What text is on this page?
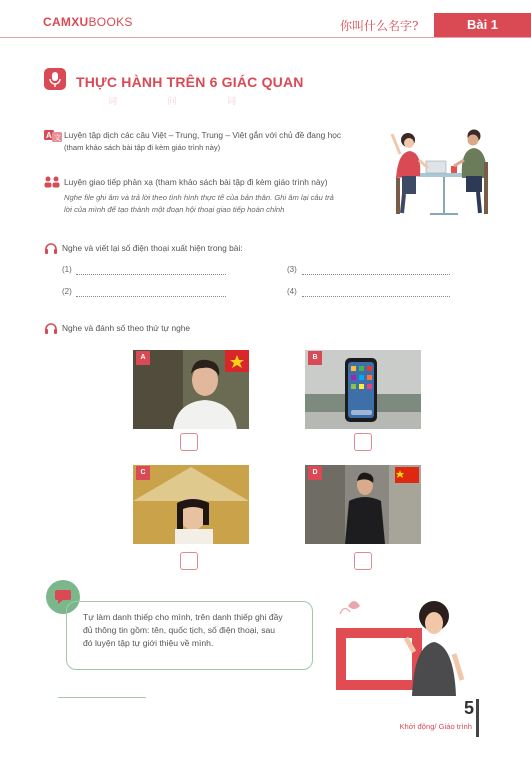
CAMXUBOOKS	你叫什么名字?	Bài 1
THỰC HÀNH TRÊN 6 GIÁC QUAN
词 问 词
A 文 Luyện tập dịch các câu Việt – Trung, Trung – Việt gắn với chủ đề đang học
(tham khảo sách bài tập đi kèm giáo trình này)
Luyện giao tiếp phản xạ (tham khảo sách bài tập đi kèm giáo trình này)
Nghe file ghi âm và trả lời theo tình hình thực tế của bản thân. Ghi âm lại câu trả
lời của mình để tạo thành một đoạn hội thoại giao tiếp hoàn chỉnh
Nghe và viết lại số điện thoại xuất hiện trong bài:
(1)	(3)
(2)	(4)
Nghe và đánh số theo thứ tự nghe
A	B
C	D
Tự làm danh thiếp cho mình, trên danh thiếp ghi đầy
đủ thông tin gồm: tên, quốc tịch, số điện thoại, sau
đó luyện tập tự giới thiệu về mình.
5
Khởi động/ Giáo trình
